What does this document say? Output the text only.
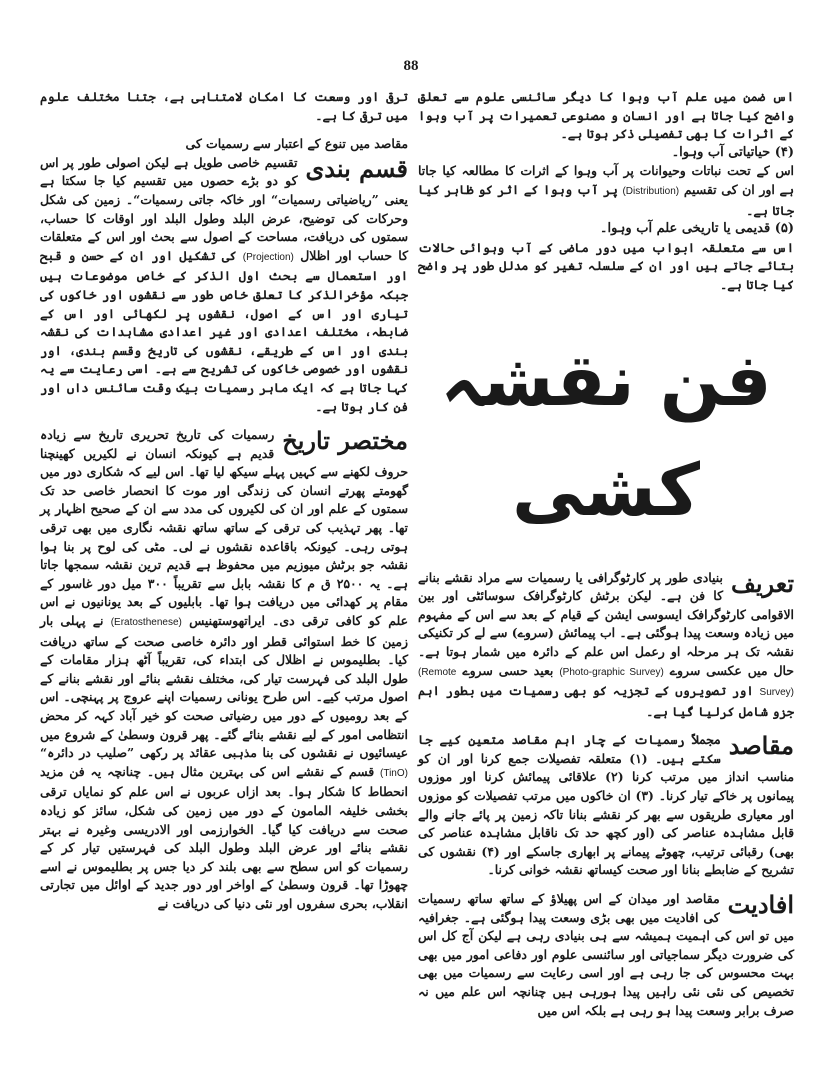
88

اس ضمن میں علم آب وہوا کا دیگر سائنسی علوم سے تعلق واضح کیا جاتا ہے اور انسان و مصنوعی تعمیرات پر آب وہوا کے اثرات کا بھی تفصیلی ذکر ہوتا ہے۔

(۴) حیاتیاتی آب وہوا۔

اس کے تحت نباتات وحیوانات پر آب وہوا کے اثرات کا مطالعہ کیا جاتا ہے اور ان کی تقسیم (Distribution) پر آب وہوا کے اثر کو ظاہر کیا جاتا ہے۔

(۵) قدیمی یا تاریخی علم آب وہوا۔

اس سے متعلقہ ابواب میں دور ماضی کے آب وہوائی حالات بتائے جاتے ہیں اور ان کے سلسلہ تغیر کو مدلل طور پر واضح کیا جاتا ہے۔

فن نقشہ کشی
تعریف

بنیادی طور پر کارٹوگرافی یا رسمیات سے مراد نقشے بنانے کا فن ہے۔ لیکن برٹش کارٹوگرافک سوسائٹی اور بین الاقوامی کارٹوگرافک ایسوسی ایشن کے قیام کے بعد سے اس کے مفہوم میں زیادہ وسعت پیدا ہوگئی ہے۔ اب پیمائش (سروے) سے لے کر تکنیکی نقشہ تک ہر مرحلہ او رعمل اس علم کے دائرہ میں شمار ہوتا ہے۔ حال میں عکسی سروے (Photo-graphic Survey) بعید حسی سروے (Remote Survey) اور تصویروں کے تجزیہ کو بھی رسمیات میں بطور اہم جزو شامل کرلیا گیا ہے۔

مقاصد

مجملاً رسمیات کے چار اہم مقاصد متعین کیے جا سکتے ہیں۔ (۱) متعلقہ تفصیلات جمع کرنا اور ان کو مناسب انداز میں مرتب کرنا (۲) علاقائی پیمائش کرنا اور موزوں پیمانوں پر خاکے تیار کرنا۔ (۳) ان خاکوں میں مرتب تفصیلات کو موزوں اور معیاری طریقوں سے بھر کر نقشے بنانا تاکہ زمین پر پائے جانے والے قابل مشاہدہ عناصر کی (اور کچھ حد تک ناقابل مشاہدہ عناصر کی بھی) رقبائی ترتیب، چھوٹے پیمانے پر ابھاری جاسکے اور (۴) نقشوں کی تشریح کے ضابطے بنانا اور صحت کیساتھ نقشہ خوانی کرنا۔

افادیت

مقاصد اور میدان کے اس پھیلاؤ کے ساتھ ساتھ رسمیات کی افادیت میں بھی بڑی وسعت پیدا ہوگئی ہے۔ جغرافیہ میں تو اس کی اہمیت ہمیشہ سے ہی بنیادی رہی ہے لیکن آج کل اس کی ضرورت دیگر سماجیاتی اور سائنسی علوم اور دفاعی امور میں بھی بہت محسوس کی جا رہی ہے اور اسی رعایت سے رسمیات میں بھی تخصیص کی نئی نئی راہیں پیدا ہورہی ہیں چنانچہ اس علم میں نہ صرف برابر وسعت پیدا ہو رہی ہے بلکہ اس میں

ترقی اور وسعت کا امکان لامتناہی ہے، جتنا مختلف علوم میں ترقی کا ہے۔

مقاصد میں تنوع کے اعتبار سے رسمیات کی

قسم بندی

تقسیم خاصی طویل ہے لیکن اصولی طور پر اس کو دو بڑے حصوں میں تقسیم کیا جا سکتا ہے یعنی ”ریاضیاتی رسمیات“ اور خاکہ جاتی رسمیات“۔ زمین کی شکل وحرکات کی توضیح، عرض البلد وطول البلد اور اوقات کا حساب، سمتوں کی دریافت، مساحت کے اصول سے بحث اور اس کے متعلقات کا حساب اور اظلال (Projection) کی تشکیل اور ان کے حسن و قبح اور استعمال سے بحث اول الذکر کے خاص موضوعات ہیں جبکہ مؤخرالذکر کا تعلق خاص طور سے نقشوں اور خاکوں کی تیاری اور اس کے اصول، نقشوں پر لکھائی اور اس کے ضابطہ، مختلف اعدادی اور غیر اعدادی مشاہدات کی نقشہ بندی اور اس کے طریقے، نقشوں کی تاریخ وقسم بندی، اور نقشوں اور خصوصی خاکوں کی تشریح سے ہے۔ اسی رعایت سے یہ کہا جاتا ہے کہ ایک ماہر رسمیات بیک وقت سائنس داں اور فن کار ہوتا ہے۔

مختصر تاریخ

رسمیات کی تاریخ تحریری تاریخ سے زیادہ قدیم ہے کیونکہ انسان نے لکیریں کھینچنا حروف لکھنے سے کہیں پہلے سیکھ لیا تھا۔ اس لیے کہ شکاری دور میں گھومتے پھرتے انسان کی زندگی اور موت کا انحصار خاصی حد تک سمتوں کے علم اور ان کی لکیروں کی مدد سے ان کے صحیح اظہار پر تھا۔ پھر تہذیب کی ترقی کے ساتھ ساتھ نقشہ نگاری میں بھی ترقی ہوتی رہی۔ کیونکہ باقاعدہ نقشوں نے لی۔ مٹی کی لوح پر بنا ہوا نقشہ جو برٹش میوزیم میں محفوظ ہے قدیم ترین نقشہ سمجھا جاتا ہے۔ یہ ۲۵۰۰ ق م کا نقشہ بابل سے تقریباً ۳۰۰ میل دور غاسور کے مقام پر کھدائی میں دریافت ہوا تھا۔ بابلیوں کے بعد یونانیوں نے اس علم کو کافی ترقی دی۔ ایراتھوستھنیس (Eratosthenese) نے پہلی بار زمین کا خط استوائی قطر اور دائرہ خاصی صحت کے ساتھ دریافت کیا۔ بطلیموس نے اظلال کی ابتداء کی، تقریباً آٹھ ہزار مقامات کے طول البلد کی فہرست تیار کی، مختلف نقشے بنائے اور نقشے بنانے کے اصول مرتب کیے۔ اس طرح یونانی رسمیات اپنے عروج پر پہنچی۔ اس کے بعد رومیوں کے دور میں رضیاتی صحت کو خیر آباد کہہ کر محض انتظامی امور کے لیے نقشے بنائے گئے۔ پھر قرون وسطیٰ کے شروع میں عیسائیوں نے نقشوں کی بنا مذہبی عقائد پر رکھی ”صلیب در دائرہ“ (TinO) قسم کے نقشے اس کی بہترین مثال ہیں۔ چنانچہ یہ فن مزید انحطاط کا شکار ہوا۔ بعد ازاں عربوں نے اس علم کو نمایاں ترقی بخشی خلیفہ المامون کے دور میں زمین کی شکل، سائز کو زیادہ صحت سے دریافت کیا گیا۔ الخوارزمی اور الادریسی وغیرہ نے بہتر نقشے بنائے اور عرض البلد وطول البلد کی فہرستیں تیار کر کے رسمیات کو اس سطح سے بھی بلند کر دیا جس پر بطلیموس نے اسے چھوڑا تھا۔ قرون وسطیٰ کے اواخر اور دور جدید کے اوائل میں تجارتی انقلاب، بحری سفروں اور نئی دنیا کی دریافت نے
